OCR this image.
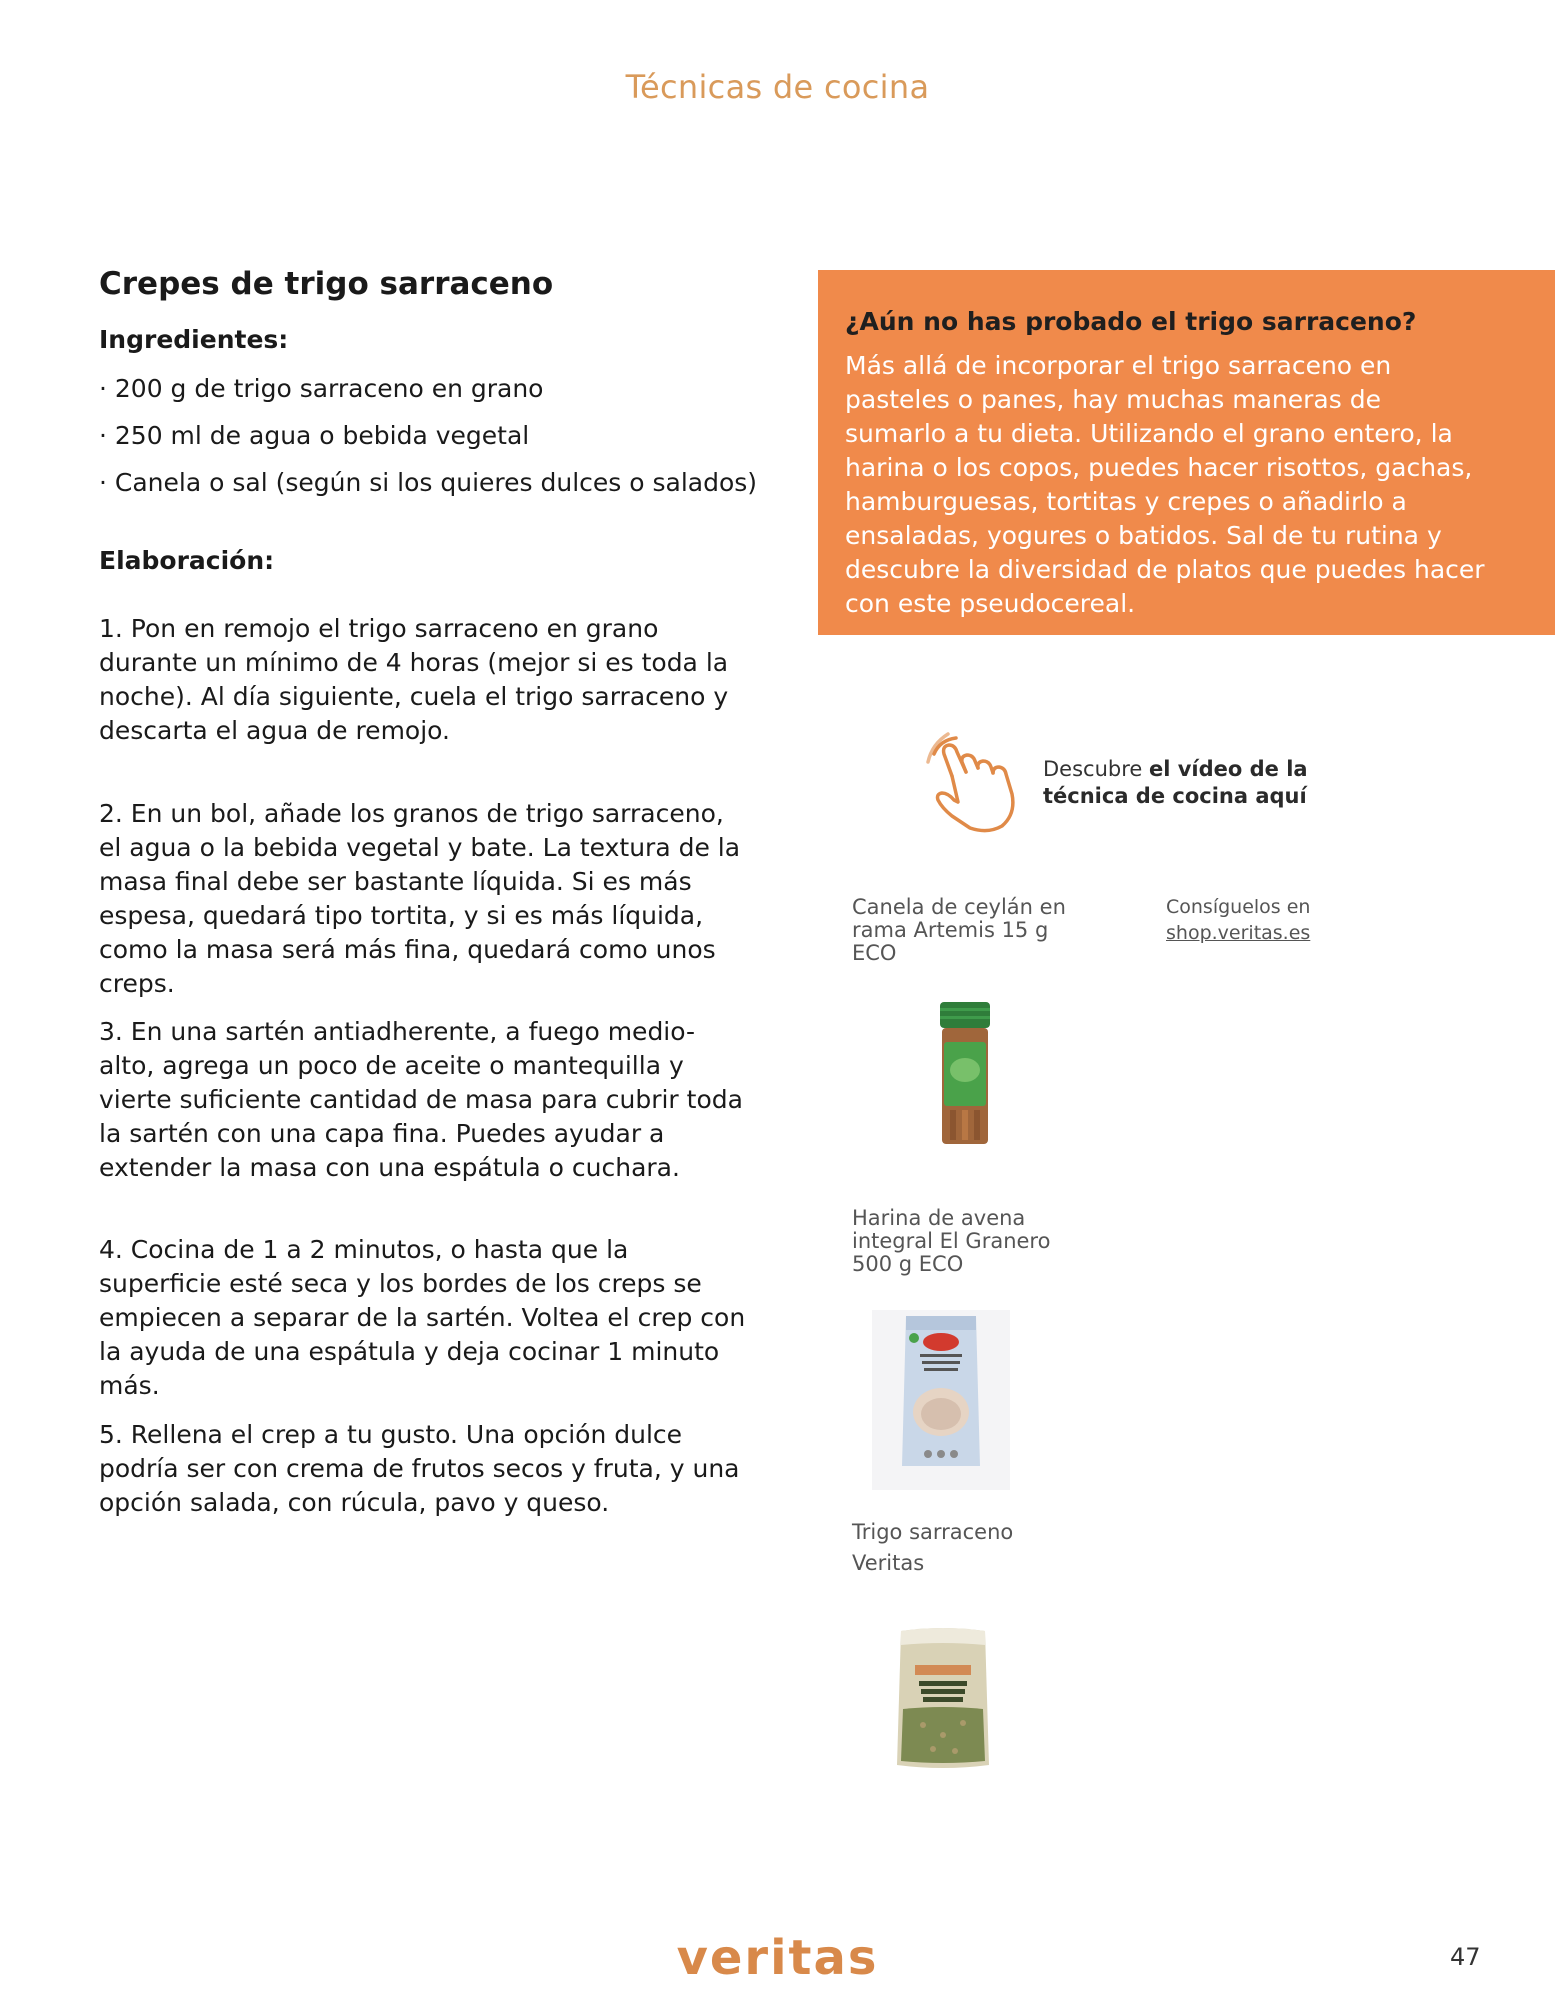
Técnicas de cocina
Crepes de trigo sarraceno
Ingredientes:
· 200 g de trigo sarraceno en grano
· 250 ml de agua o bebida vegetal
· Canela o sal (según si los quieres dulces o salados)
Elaboración:
1. Pon en remojo el trigo sarraceno en grano durante un mínimo de 4 horas (mejor si es toda la noche). Al día siguiente, cuela el trigo sarraceno y descarta el agua de remojo.
2. En un bol, añade los granos de trigo sarraceno, el agua o la bebida vegetal y bate. La textura de la masa final debe ser bastante líquida. Si es más espesa, quedará tipo tortita, y si es más líquida, como la masa será más fina, quedará como unos creps.
3. En una sartén antiadherente, a fuego medio-alto, agrega un poco de aceite o mantequilla y vierte suficiente cantidad de masa para cubrir toda la sartén con una capa fina. Puedes ayudar a extender la masa con una espátula o cuchara.
4. Cocina de 1 a 2 minutos, o hasta que la superficie esté seca y los bordes de los creps se empiecen a separar de la sartén. Voltea el crep con la ayuda de una espátula y deja cocinar 1 minuto más.
5. Rellena el crep a tu gusto. Una opción dulce podría ser con crema de frutos secos y fruta, y una opción salada, con rúcula, pavo y queso.
¿Aún no has probado el trigo sarraceno?
Más allá de incorporar el trigo sarraceno en pasteles o panes, hay muchas maneras de sumarlo a tu dieta. Utilizando el grano entero, la harina o los copos, puedes hacer risottos, gachas, hamburguesas, tortitas y crepes o añadirlo a ensaladas, yogures o batidos. Sal de tu rutina y descubre la diversidad de platos que puedes hacer con este pseudocereal.
Descubre el vídeo de la
técnica de cocina aquí
Consíguelos en
shop.veritas.es
Canela de ceylán en rama Artemis 15 g ECO
Harina de avena integral El Granero 500 g ECO
Trigo sarraceno Veritas
veritas	47
